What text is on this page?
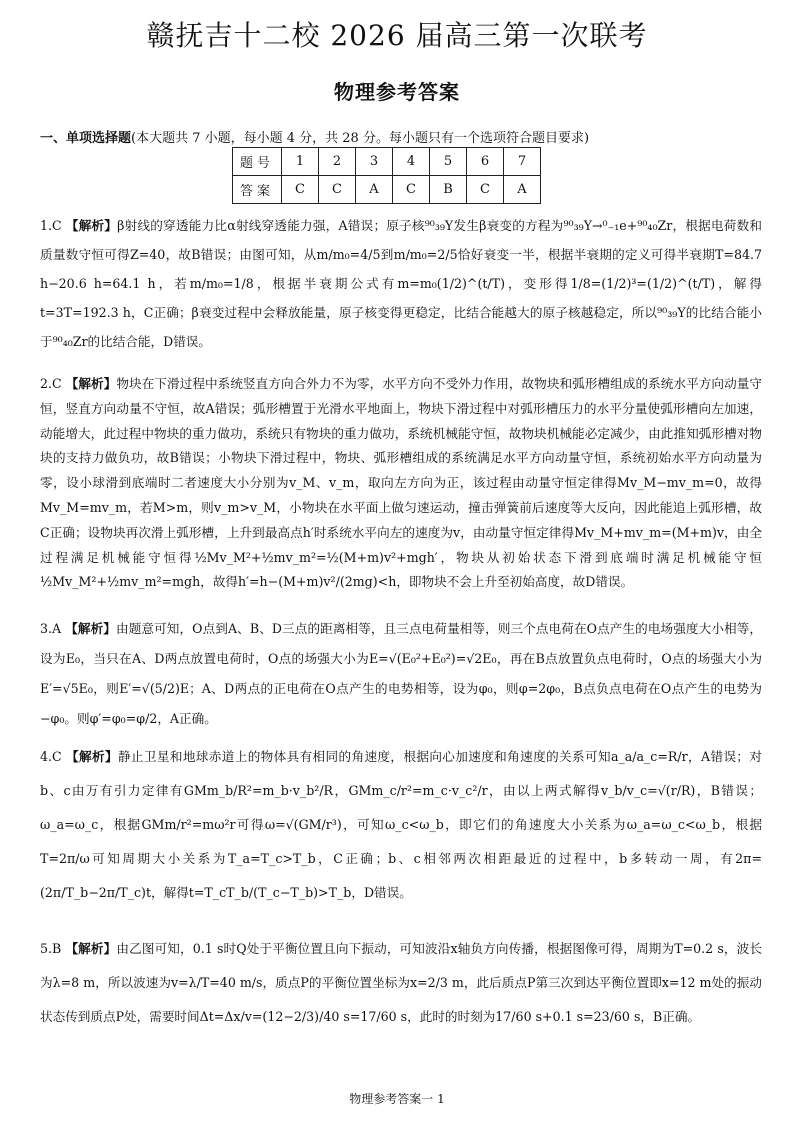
赣抚吉十二校 2026 届高三第一次联考
物理参考答案
一、单项选择题(本大题共 7 小题，每小题 4 分，共 28 分。每小题只有一个选项符合题目要求)
题号	1	2	3	4	5	6	7
答案	C	C	A	C	B	C	A

1.C 【解析】β射线的穿透能力比α射线穿透能力强，A错误；原子核⁹⁰₃₉Y发生β衰变的方程为⁹⁰₃₉Y→⁰₋₁e+⁹⁰₄₀Zr，根据电荷数和质量数守恒可得Z=40，故B错误；由图可知，从m/m₀=4/5到m/m₀=2/5恰好衰变一半，根据半衰期的定义可得半衰期T=84.7 h−20.6 h=64.1 h，若m/m₀=1/8，根据半衰期公式有m=m₀(1/2)^(t/T)，变形得1/8=(1/2)³=(1/2)^(t/T)，解得t=3T=192.3 h，C正确；β衰变过程中会释放能量，原子核变得更稳定，比结合能越大的原子核越稳定，所以⁹⁰₃₉Y的比结合能小于⁹⁰₄₀Zr的比结合能，D错误。

2.C 【解析】物块在下滑过程中系统竖直方向合外力不为零，水平方向不受外力作用，故物块和弧形槽组成的系统水平方向动量守恒，竖直方向动量不守恒，故A错误；弧形槽置于光滑水平地面上，物块下滑过程中对弧形槽压力的水平分量使弧形槽向左加速，动能增大，此过程中物块的重力做功，系统只有物块的重力做功，系统机械能守恒，故物块机械能必定减少，由此推知弧形槽对物块的支持力做负功，故B错误；小物块下滑过程中，物块、弧形槽组成的系统满足水平方向动量守恒，系统初始水平方向动量为零，设小球滑到底端时二者速度大小分别为v_M、v_m，取向左方向为正，该过程由动量守恒定律得Mv_M−mv_m=0，故得Mv_M=mv_m，若M>m，则v_m>v_M，小物块在水平面上做匀速运动，撞击弹簧前后速度等大反向，因此能追上弧形槽，故C正确；设物块再次滑上弧形槽，上升到最高点h′时系统水平向左的速度为v，由动量守恒定律得Mv_M+mv_m=(M+m)v，由全过程满足机械能守恒得½Mv_M²+½mv_m²=½(M+m)v²+mgh′，物块从初始状态下滑到底端时满足机械能守恒½Mv_M²+½mv_m²=mgh，故得h′=h−(M+m)v²/(2mg)<h，即物块不会上升至初始高度，故D错误。

3.A 【解析】由题意可知，O点到A、B、D三点的距离相等，且三点电荷量相等，则三个点电荷在O点产生的电场强度大小相等，设为E₀，当只在A、D两点放置电荷时，O点的场强大小为E=√(E₀²+E₀²)=√2E₀，再在B点放置负点电荷时，O点的场强大小为E′=√5E₀，则E′=√(5/2)E；A、D两点的正电荷在O点产生的电势相等，设为φ₀，则φ=2φ₀，B点负点电荷在O点产生的电势为−φ₀。则φ′=φ₀=φ/2，A正确。

4.C 【解析】静止卫星和地球赤道上的物体具有相同的角速度，根据向心加速度和角速度的关系可知a_a/a_c=R/r，A错误；对b、c由万有引力定律有GMm_b/R²=m_b·v_b²/R，GMm_c/r²=m_c·v_c²/r，由以上两式解得v_b/v_c=√(r/R)，B错误；ω_a=ω_c，根据GMm/r²=mω²r可得ω=√(GM/r³)，可知ω_c<ω_b，即它们的角速度大小关系为ω_a=ω_c<ω_b，根据T=2π/ω可知周期大小关系为T_a=T_c>T_b，C正确；b、c相邻两次相距最近的过程中，b多转动一周，有2π=(2π/T_b−2π/T_c)t，解得t=T_cT_b/(T_c−T_b)>T_b，D错误。

5.B 【解析】由乙图可知，0.1 s时Q处于平衡位置且向下振动，可知波沿x轴负方向传播，根据图像可得，周期为T=0.2 s，波长为λ=8 m，所以波速为v=λ/T=40 m/s，质点P的平衡位置坐标为x=2/3 m，此后质点P第三次到达平衡位置即x=12 m处的振动状态传到质点P处，需要时间Δt=Δx/v=(12−2/3)/40 s=17/60 s，此时的时刻为17/60 s+0.1 s=23/60 s，B正确。

物理参考答案一 1
